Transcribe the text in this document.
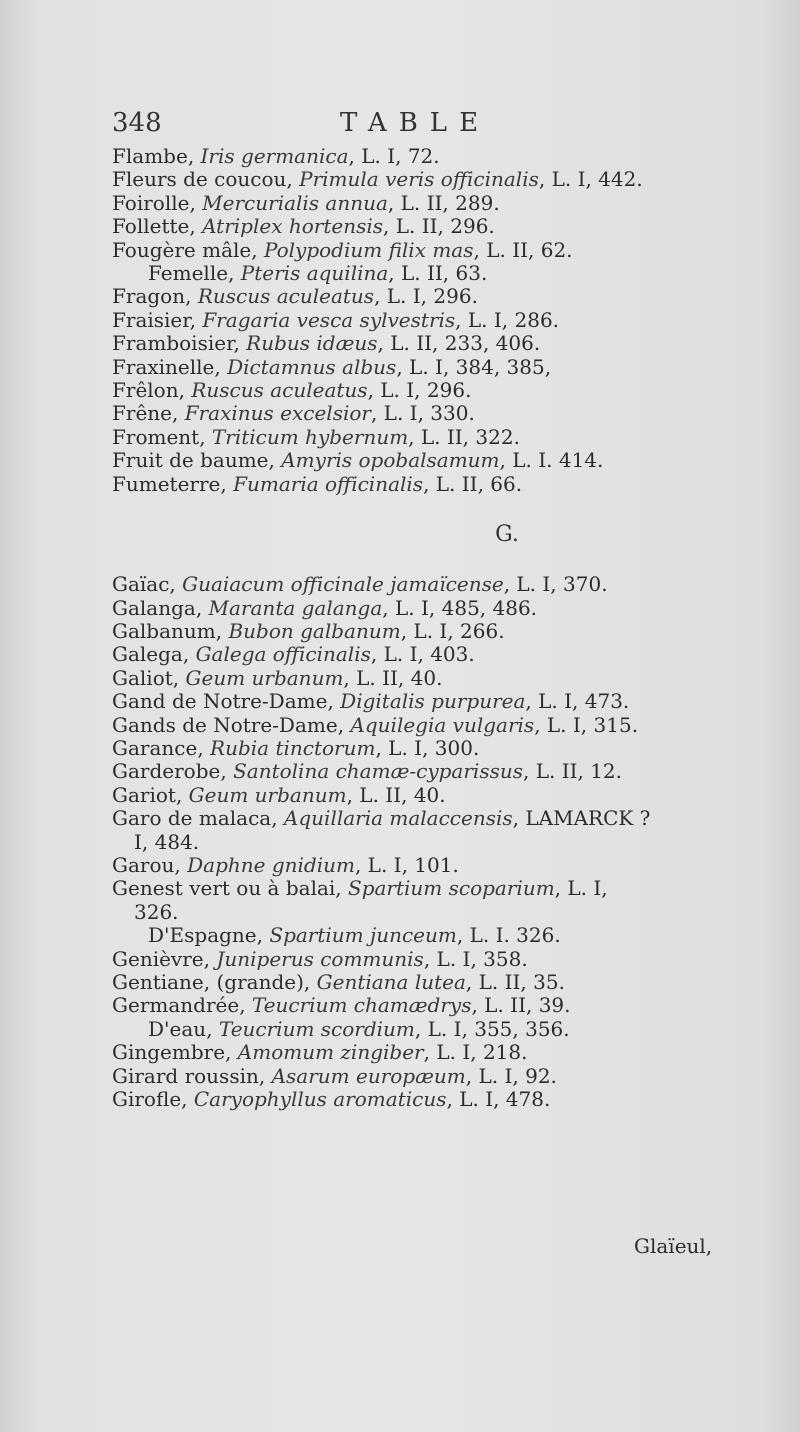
348	TABLE
Flambe, Iris germanica, L. I, 72.
Fleurs de coucou, Primula veris officinalis, L. I, 442.
Foirolle, Mercurialis annua, L. II, 289.
Follette, Atriplex hortensis, L. II, 296.
Fougère mâle, Polypodium filix mas, L. II, 62.
Femelle, Pteris aquilina, L. II, 63.
Fragon, Ruscus aculeatus, L. I, 296.
Fraisier, Fragaria vesca sylvestris, L. I, 286.
Framboisier, Rubus idæus, L. II, 233, 406.
Fraxinelle, Dictamnus albus, L. I, 384, 385,
Frêlon, Ruscus aculeatus, L. I, 296.
Frêne, Fraxinus excelsior, L. I, 330.
Froment, Triticum hybernum, L. II, 322.
Fruit de baume, Amyris opobalsamum, L. I. 414.
Fumeterre, Fumaria officinalis, L. II, 66.
G.
Gaïac, Guaiacum officinale jamaïcense, L. I, 370.
Galanga, Maranta galanga, L. I, 485, 486.
Galbanum, Bubon galbanum, L. I, 266.
Galega, Galega officinalis, L. I, 403.
Galiot, Geum urbanum, L. II, 40.
Gand de Notre-Dame, Digitalis purpurea, L. I, 473.
Gands de Notre-Dame, Aquilegia vulgaris, L. I, 315.
Garance, Rubia tinctorum, L. I, 300.
Garderobe, Santolina chamæ-cyparissus, L. II, 12.
Gariot, Geum urbanum, L. II, 40.
Garo de malaca, Aquillaria malaccensis, LAMARCK ?
I, 484.
Garou, Daphne gnidium, L. I, 101.
Genest vert ou à balai, Spartium scoparium, L. I,
326.
D'Espagne, Spartium junceum, L. I. 326.
Genièvre, Juniperus communis, L. I, 358.
Gentiane, (grande), Gentiana lutea, L. II, 35.
Germandrée, Teucrium chamædrys, L. II, 39.
D'eau, Teucrium scordium, L. I, 355, 356.
Gingembre, Amomum zingiber, L. I, 218.
Girard roussin, Asarum europæum, L. I, 92.
Girofle, Caryophyllus aromaticus, L. I, 478.
Glaïeul,
